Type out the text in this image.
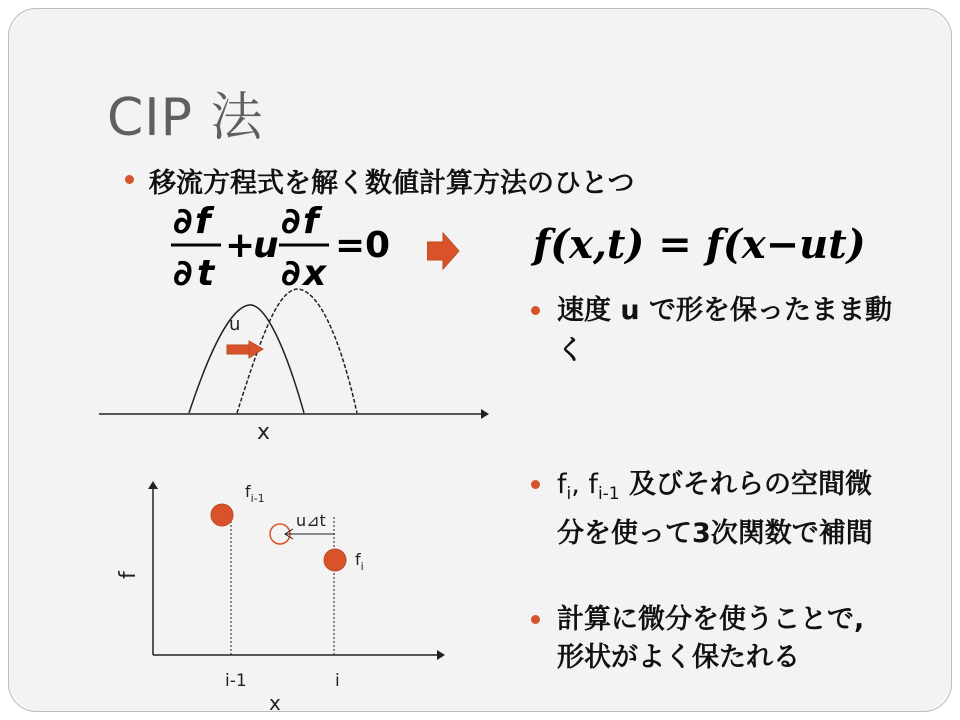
CIP 法
移流方程式を解く数値計算方法のひとつ
∂ f
∂ t
+
u
∂ f
∂ x
= 0	f(x,t) = f(x−ut)
u
x
速度 u で形を保ったまま動く
$f_{i-1}$
u⊿t
$f_i$
f
i-1	i
x
$f_i$, $f_{i-1}$ 及びそれらの空間微分を使って3次関数で補間
計算に微分を使うことで, 形状がよく保たれる
